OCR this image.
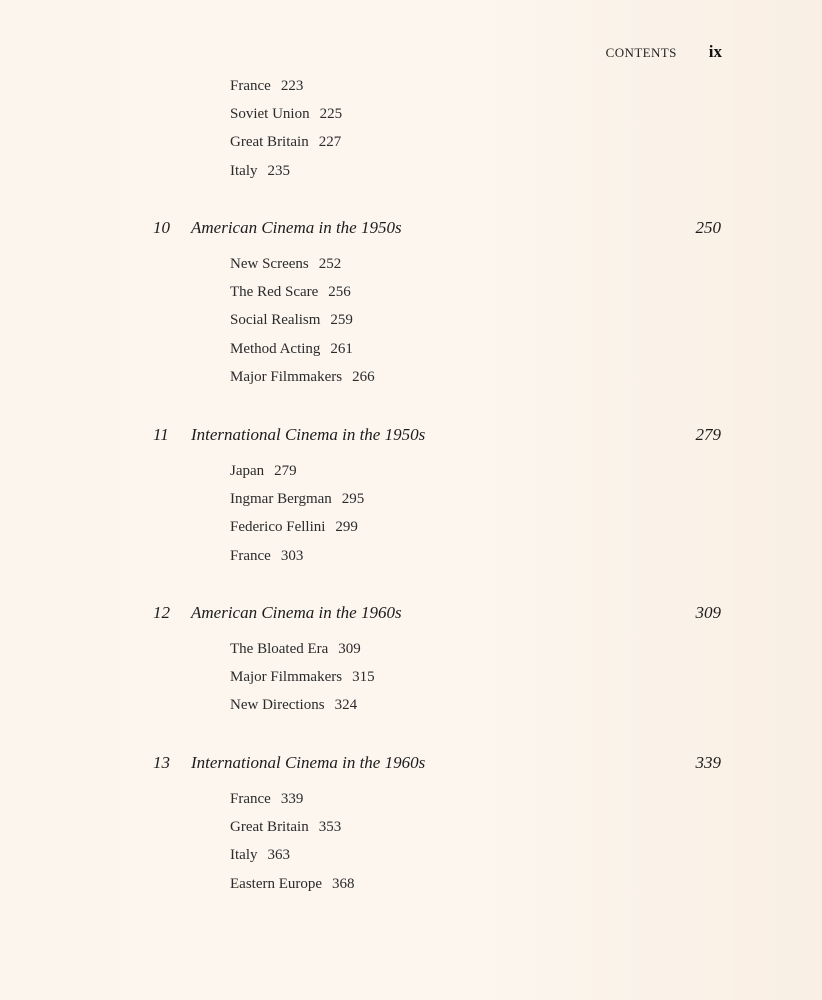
CONTENTS ix
France 223
Soviet Union 225
Great Britain 227
Italy 235
10 American Cinema in the 1950s	250
New Screens 252
The Red Scare 256
Social Realism 259
Method Acting 261
Major Filmmakers 266
11 International Cinema in the 1950s	279
Japan 279
Ingmar Bergman 295
Federico Fellini 299
France 303
12 American Cinema in the 1960s	309
The Bloated Era 309
Major Filmmakers 315
New Directions 324
13 International Cinema in the 1960s	339
France 339
Great Britain 353
Italy 363
Eastern Europe 368
